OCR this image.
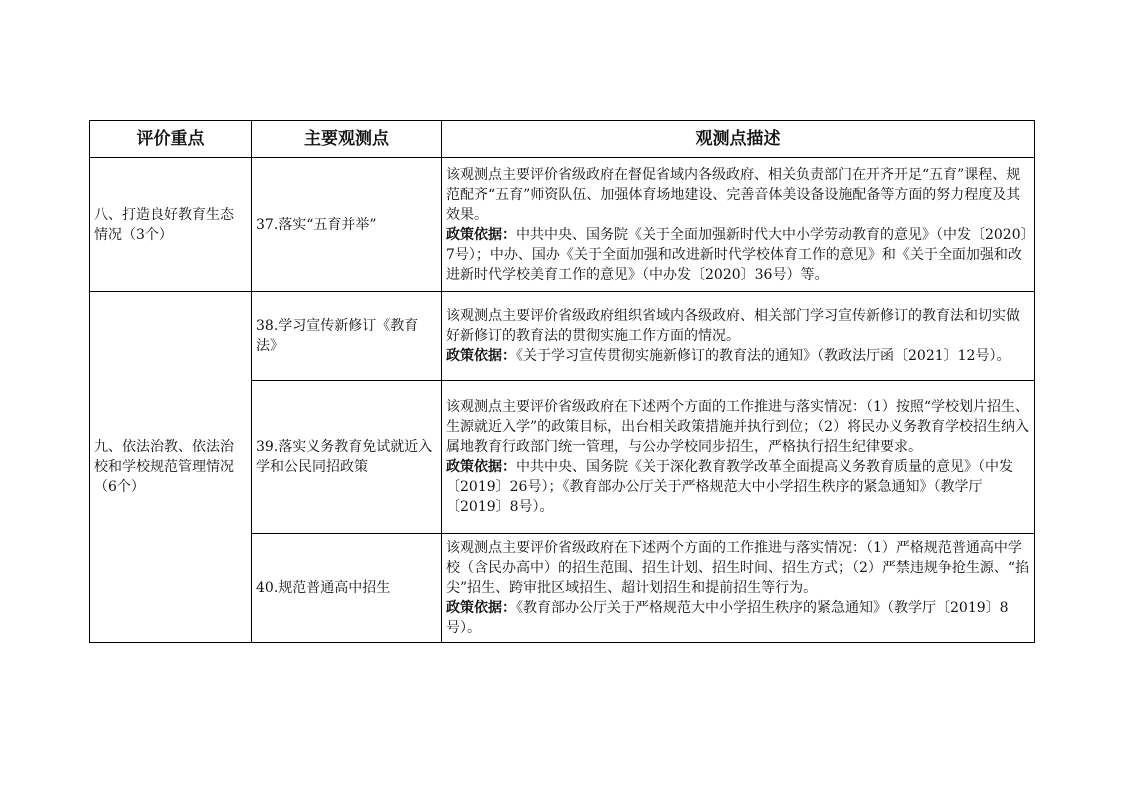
评价重点	主要观测点	观测点描述
八、打造良好教育生态情况（3个）	37.落实“五育并举”	该观测点主要评价省级政府在督促省域内各级政府、相关负责部门在开齐开足“五育”课程、规范配齐“五育”师资队伍、加强体育场地建设、完善音体美设备设施配备等方面的努力程度及其效果。

政策依据：中共中央、国务院《关于全面加强新时代大中小学劳动教育的意见》（中发〔2020〕7号）；中办、国办《关于全面加强和改进新时代学校体育工作的意见》和《关于全面加强和改进新时代学校美育工作的意见》（中办发〔2020〕36号）等。

九、依法治教、依法治校和学校规范管理情况（6个）	38.学习宣传新修订《教育法》	该观测点主要评价省级政府组织省域内各级政府、相关部门学习宣传新修订的教育法和切实做好新修订的教育法的贯彻实施工作方面的情况。

政策依据：《关于学习宣传贯彻实施新修订的教育法的通知》（教政法厅函〔2021〕12号）。

	39.落实义务教育免试就近入学和公民同招政策	该观测点主要评价省级政府在下述两个方面的工作推进与落实情况：（1）按照“学校划片招生、生源就近入学”的政策目标，出台相关政策措施并执行到位；（2）将民办义务教育学校招生纳入属地教育行政部门统一管理，与公办学校同步招生，严格执行招生纪律要求。

政策依据：中共中央、国务院《关于深化教育教学改革全面提高义务教育质量的意见》（中发〔2019〕26号）；《教育部办公厅关于严格规范大中小学招生秩序的紧急通知》（教学厅〔2019〕8号）。

	40.规范普通高中招生	该观测点主要评价省级政府在下述两个方面的工作推进与落实情况：（1）严格规范普通高中学校（含民办高中）的招生范围、招生计划、招生时间、招生方式；（2）严禁违规争抢生源、“掐尖”招生、跨审批区域招生、超计划招生和提前招生等行为。

政策依据：《教育部办公厅关于严格规范大中小学招生秩序的紧急通知》（教学厅〔2019〕8号）。
